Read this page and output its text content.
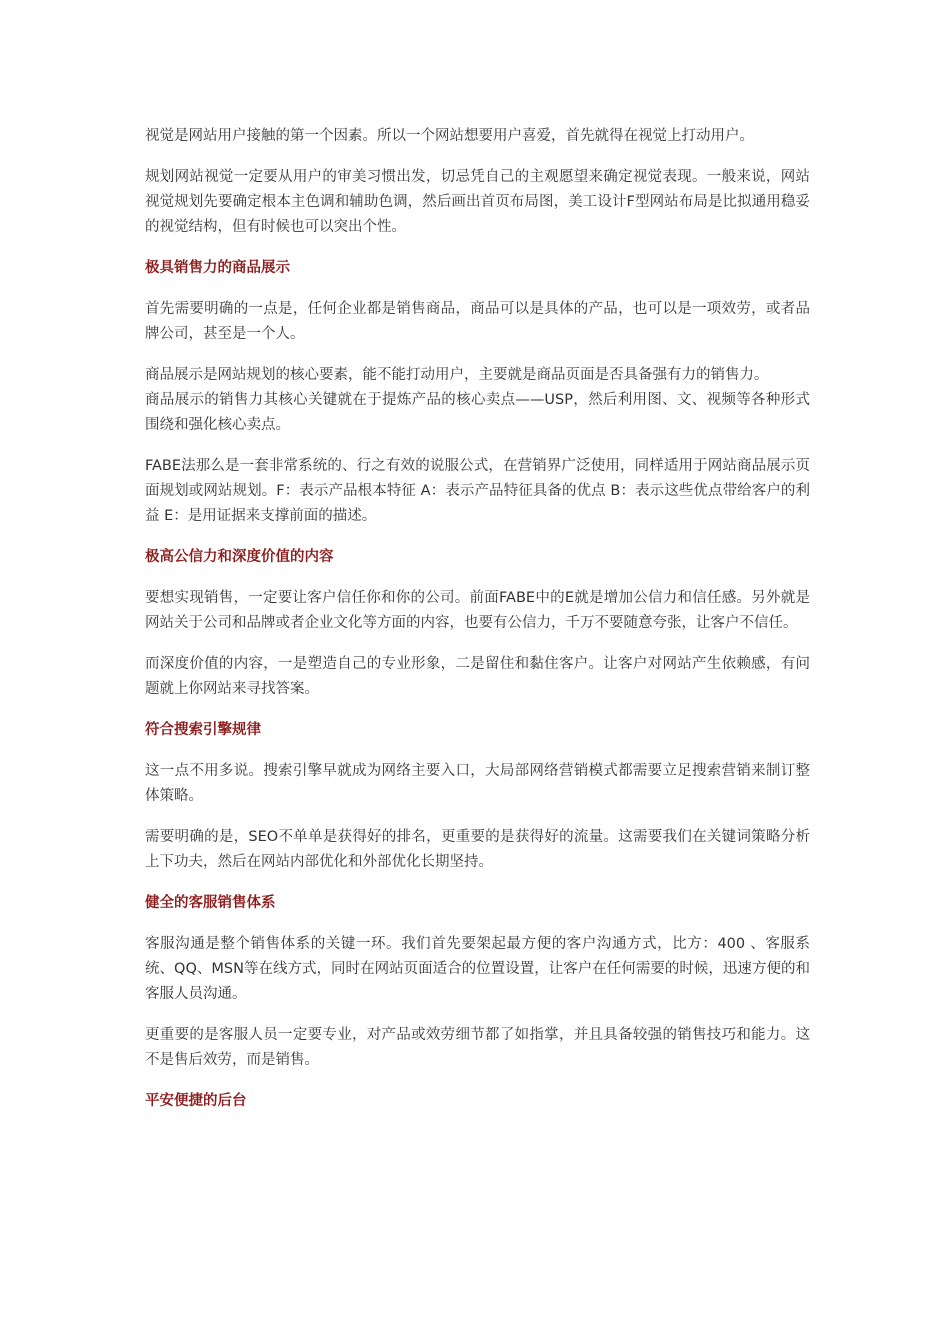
视觉是网站用户接触的第一个因素。所以一个网站想要用户喜爱，首先就得在视觉上打动用户。

规划网站视觉一定要从用户的审美习惯出发，切忌凭自己的主观愿望来确定视觉表现。一般来说，网站视觉规划先要确定根本主色调和辅助色调，然后画出首页布局图，美工设计F型网站布局是比拟通用稳妥的视觉结构，但有时候也可以突出个性。

极具销售力的商品展示

首先需要明确的一点是，任何企业都是销售商品，商品可以是具体的产品，也可以是一项效劳，或者品牌公司，甚至是一个人。

商品展示是网站规划的核心要素，能不能打动用户，主要就是商品页面是否具备强有力的销售力。

商品展示的销售力其核心关键就在于提炼产品的核心卖点——USP，然后利用图、文、视频等各种形式围绕和强化核心卖点。

FABE法那么是一套非常系统的、行之有效的说服公式，在营销界广泛使用，同样适用于网站商品展示页面规划或网站规划。F：表示产品根本特征 A：表示产品特征具备的优点 B：表示这些优点带给客户的利益 E：是用证据来支撑前面的描述。

极高公信力和深度价值的内容

要想实现销售，一定要让客户信任你和你的公司。前面FABE中的E就是增加公信力和信任感。另外就是网站关于公司和品牌或者企业文化等方面的内容，也要有公信力，千万不要随意夸张，让客户不信任。

而深度价值的内容，一是塑造自己的专业形象，二是留住和黏住客户。让客户对网站产生依赖感，有问题就上你网站来寻找答案。

符合搜索引擎规律

这一点不用多说。搜索引擎早就成为网络主要入口，大局部网络营销模式都需要立足搜索营销来制订整体策略。

需要明确的是，SEO不单单是获得好的排名，更重要的是获得好的流量。这需要我们在关键词策略分析上下功夫，然后在网站内部优化和外部优化长期坚持。

健全的客服销售体系

客服沟通是整个销售体系的关键一环。我们首先要架起最方便的客户沟通方式，比方：400 、客服系统、QQ、MSN等在线方式，同时在网站页面适合的位置设置，让客户在任何需要的时候，迅速方便的和客服人员沟通。

更重要的是客服人员一定要专业，对产品或效劳细节都了如指掌，并且具备较强的销售技巧和能力。这不是售后效劳，而是销售。

平安便捷的后台
